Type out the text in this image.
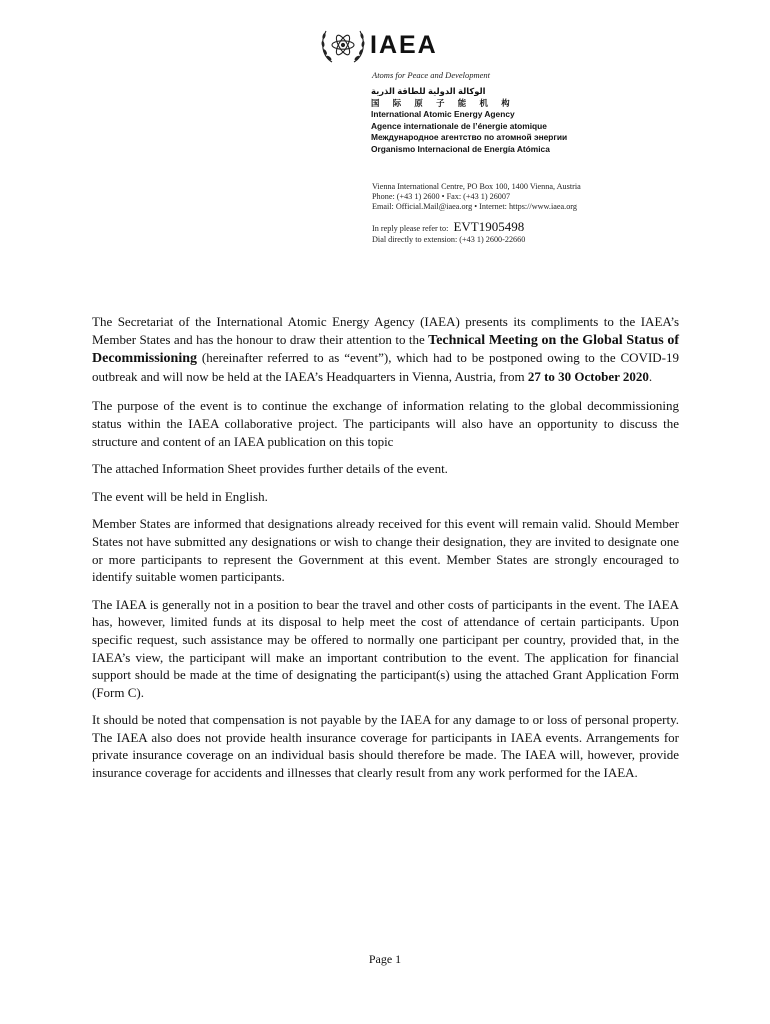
IAEA
Atoms for Peace and Development
الوكالة الدولية للطاقة الذرية
国 际 原 子 能 机 构
International Atomic Energy Agency
Agence internationale de l’énergie atomique
Международное агентство по атомной энергии
Organismo Internacional de Energía Atómica
Vienna International Centre, PO Box 100, 1400 Vienna, Austria
Phone: (+43 1) 2600 • Fax: (+43 1) 26007
Email: Official.Mail@iaea.org • Internet: https://www.iaea.org
In reply please refer to: EVT1905498
Dial directly to extension: (+43 1) 2600-22660

The Secretariat of the International Atomic Energy Agency (IAEA) presents its compliments to the IAEA’s Member States and has the honour to draw their attention to the Technical Meeting on the Global Status of Decommissioning (hereinafter referred to as “event”), which had to be postponed owing to the COVID-19 outbreak and will now be held at the IAEA’s Headquarters in Vienna, Austria, from 27 to 30 October 2020.

The purpose of the event is to continue the exchange of information relating to the global decommissioning status within the IAEA collaborative project. The participants will also have an opportunity to discuss the structure and content of an IAEA publication on this topic

The attached Information Sheet provides further details of the event.

The event will be held in English.

Member States are informed that designations already received for this event will remain valid. Should Member States not have submitted any designations or wish to change their designation, they are invited to designate one or more participants to represent the Government at this event. Member States are strongly encouraged to identify suitable women participants.

The IAEA is generally not in a position to bear the travel and other costs of participants in the event. The IAEA has, however, limited funds at its disposal to help meet the cost of attendance of certain participants. Upon specific request, such assistance may be offered to normally one participant per country, provided that, in the IAEA’s view, the participant will make an important contribution to the event. The application for financial support should be made at the time of designating the participant(s) using the attached Grant Application Form (Form C).

It should be noted that compensation is not payable by the IAEA for any damage to or loss of personal property. The IAEA also does not provide health insurance coverage for participants in IAEA events. Arrangements for private insurance coverage on an individual basis should therefore be made. The IAEA will, however, provide insurance coverage for accidents and illnesses that clearly result from any work performed for the IAEA.

Page 1
